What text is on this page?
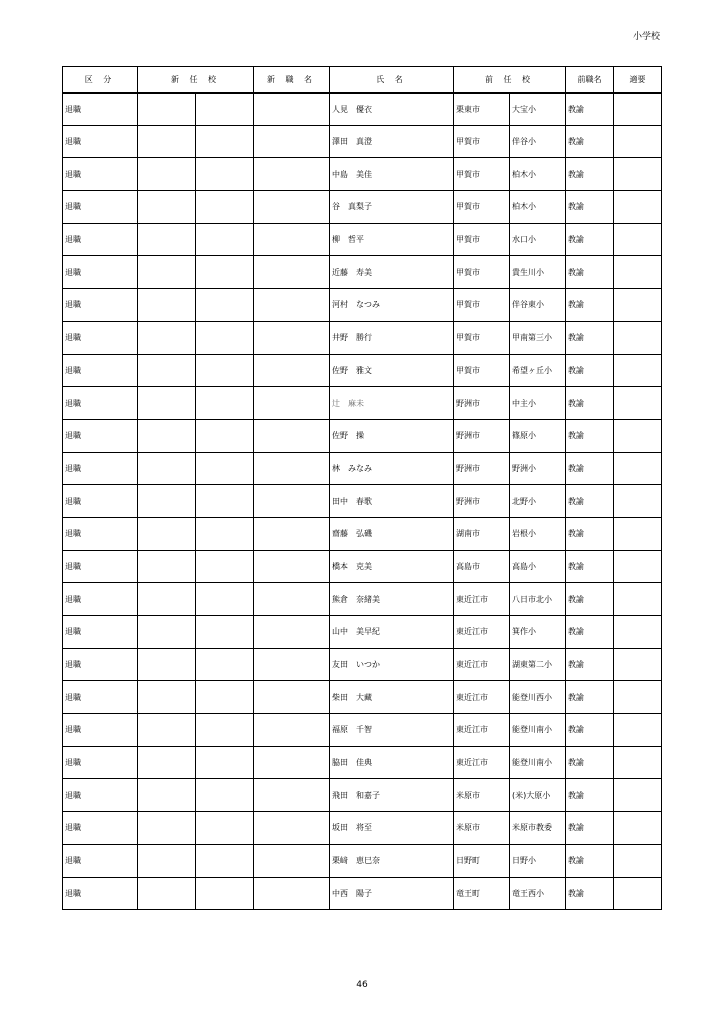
小学校
区 分	新 任 校		新 職 名	氏 名	前 任 校		前職名	適要
退職				人見　優衣	栗東市	大宝小	教諭	
退職				澤田　真澄	甲賀市	伴谷小	教諭	
退職				中島　美佳	甲賀市	柏木小	教諭	
退職				谷　真梨子	甲賀市	柏木小	教諭	
退職				柳　哲平	甲賀市	水口小	教諭	
退職				近藤　寿美	甲賀市	貴生川小	教諭	
退職				河村　なつみ	甲賀市	伴谷東小	教諭	
退職				井野　勝行	甲賀市	甲南第三小	教諭	
退職				佐野　雅文	甲賀市	希望ヶ丘小	教諭	
退職				辻　麻未	野洲市	中主小	教諭	
退職				佐野　操	野洲市	篠原小	教諭	
退職				林　みなみ	野洲市	野洲小	教諭	
退職				田中　春歌	野洲市	北野小	教諭	
退職				齋藤　弘磯	湖南市	岩根小	教諭	
退職				橋本　克美	高島市	高島小	教諭	
退職				熊倉　奈緒美	東近江市	八日市北小	教諭	
退職				山中　美早紀	東近江市	箕作小	教諭	
退職				友田　いつか	東近江市	湖東第二小	教諭	
退職				柴田　大藏	東近江市	能登川西小	教諭	
退職				福原　千智	東近江市	能登川南小	教諭	
退職				脇田　佳典	東近江市	能登川南小	教諭	
退職				飛田　和嘉子	米原市	(米)大原小	教諭	
退職				坂田　将至	米原市	米原市教委	教諭	
退職				栗﨑　恵巳奈	日野町	日野小	教諭	
退職				中西　陽子	竜王町	竜王西小	教諭	
46
